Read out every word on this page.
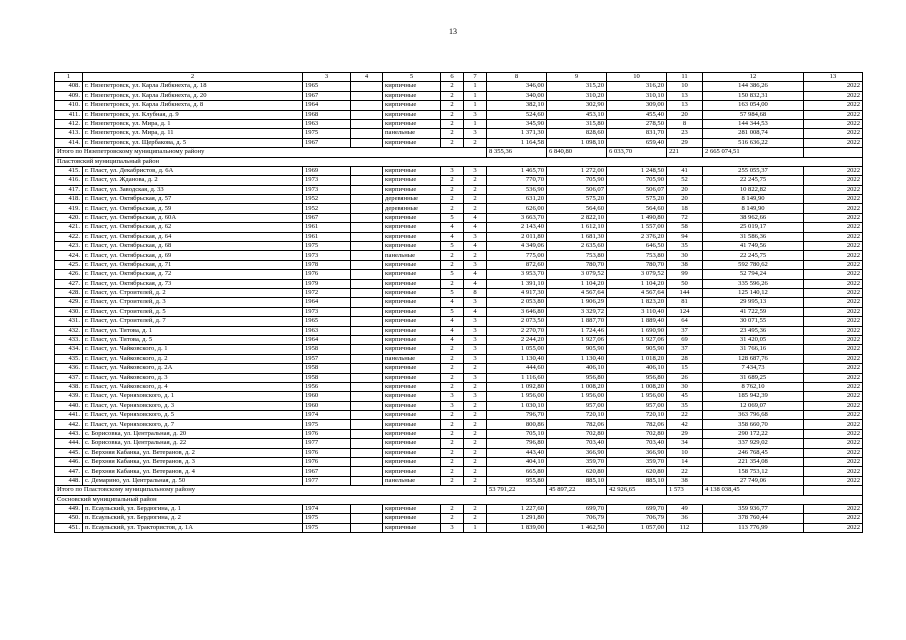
13
1	2	3	4	5	6	7	8	9	10	11	12	13
408.	г. Нязепетровск, ул. Карла Либкнехта, д. 18	1965		кирпичные	2	1	346,00	315,20	316,20	10	144 386,26	2022
409.	г. Нязепетровск, ул. Карла Либкнехта, д. 20	1967		кирпичные	2	1	340,00	310,20	310,10	13	150 832,31	2022
410.	г. Нязепетровск, ул. Карла Либкнехта, д. 8	1964		кирпичные	2	1	382,10	302,90	309,00	13	163 054,00	2022
411.	г. Нязепетровск, ул. Клубная, д. 9	1968		кирпичные	2	3	524,60	453,10	455,40	20	57 984,68	2022
412.	г. Нязепетровск, ул. Мира, д. 1	1963		кирпичные	2	1	345,90	315,80	278,50	8	144 344,53	2022
413.	г. Нязепетровск, ул. Мира, д. 11	1975		панельные	2	3	1 371,30	828,60	831,70	23	281 008,74	2022
414.	г. Нязепетровск, ул. Щербакова, д. 5	1967		кирпичные	2	2	1 164,58	1 098,10	659,40	29	516 636,22	2022
Итого по Нязепетровскому муниципальному району							8 355,36	6 840,80	6 033,70	221	2 665 074,51	
Пластовский муниципальный район												
415.	г. Пласт, ул. Декабристов, д. 6А	1969		кирпичные	3	3	1 465,70	1 272,00	1 248,50	41	255 055,37	2022
416.	г. Пласт, ул. Жданова, д. 2	1973		кирпичные	2	2	770,70	705,90	705,90	52	22 245,75	2022
417.	г. Пласт, ул. Заводская, д. 33	1973		кирпичные	2	2	536,90	506,07	506,07	20	10 822,82	2022
418.	г. Пласт, ул. Октябрьская, д. 57	1952		деревянные	2	2	631,20	575,20	575,20	20	8 149,90	2022
419.	г. Пласт, ул. Октябрьская, д. 59	1952		деревянные	2	2	626,00	564,60	564,60	18	8 149,90	2022
420.	г. Пласт, ул. Октябрьская, д. 60А	1967		кирпичные	5	4	3 663,70	2 822,10	1 490,80	72	38 962,66	2022
421.	г. Пласт, ул. Октябрьская, д. 62	1961		кирпичные	4	4	2 143,40	1 612,10	1 557,00	58	25 019,17	2022
422.	г. Пласт, ул. Октябрьская, д. 64	1961		кирпичные	4	3	2 011,80	1 681,30	2 376,20	94	31 586,36	2022
423.	г. Пласт, ул. Октябрьская, д. 68	1975		кирпичные	5	4	4 349,06	2 635,60	646,50	35	41 749,56	2022
424.	г. Пласт, ул. Октябрьская, д. 69	1973		панельные	2	2	775,00	753,80	753,80	30	22 245,75	2022
425.	г. Пласт, ул. Октябрьская, д. 71	1978		кирпичные	2	3	872,60	780,70	780,70	38	592 780,62	2022
426.	г. Пласт, ул. Октябрьская, д. 72	1976		кирпичные	5	4	3 953,70	3 079,52	3 079,52	99	52 794,24	2022
427.	г. Пласт, ул. Октябрьская, д. 73	1979		кирпичные	2	4	1 391,10	1 104,20	1 104,20	50	335 596,26	2022
428.	г. Пласт, ул. Строителей, д. 2	1972		кирпичные	5	8	4 917,30	4 567,64	4 567,64	144	125 140,12	2022
429.	г. Пласт, ул. Строителей, д. 3	1964		кирпичные	4	3	2 053,80	1 906,29	1 823,20	81	29 995,13	2022
430.	г. Пласт, ул. Строителей, д. 5	1973		кирпичные	5	4	3 646,80	3 329,72	3 110,40	124	41 722,59	2022
431.	г. Пласт, ул. Строителей, д. 7	1965		кирпичные	4	3	2 073,50	1 887,70	1 889,40	64	30 071,55	2022
432.	г. Пласт, ул. Титова, д. 1	1963		кирпичные	4	3	2 270,70	1 724,46	1 690,90	37	23 495,36	2022
433.	г. Пласт, ул. Титова, д. 5	1964		кирпичные	4	3	2 244,20	1 927,06	1 927,06	69	31 420,05	2022
434.	г. Пласт, ул. Чайковского, д. 1	1958		кирпичные	2	3	1 055,00	905,90	905,90	37	31 766,16	2022
435.	г. Пласт, ул. Чайковского, д. 2	1957		панельные	2	3	1 130,40	1 130,40	1 018,20	28	128 687,76	2022
436.	г. Пласт, ул. Чайковского, д. 2А	1958		кирпичные	2	2	444,60	406,10	406,10	15	7 434,73	2022
437.	г. Пласт, ул. Чайковского, д. 3	1958		кирпичные	2	3	1 116,60	956,80	956,80	26	31 689,25	2022
438.	г. Пласт, ул. Чайковского, д. 4	1956		кирпичные	2	2	1 092,80	1 008,20	1 008,20	30	8 762,10	2022
439.	г. Пласт, ул. Черняховского, д. 1	1960		кирпичные	3	3	1 956,00	1 956,00	1 956,00	45	185 942,39	2022
440.	г. Пласт, ул. Черняховского, д. 3	1960		кирпичные	3	2	1 030,10	957,00	957,00	35	12 069,07	2022
441.	г. Пласт, ул. Черняховского, д. 5	1974		кирпичные	2	2	796,70	720,10	720,10	22	363 796,68	2022
442.	г. Пласт, ул. Черняховского, д. 7	1975		кирпичные	2	2	800,86	782,06	782,06	42	358 660,70	2022
443.	с. Борисовка, ул. Центральная, д. 20	1976		кирпичные	2	2	705,10	702,80	702,80	29	290 172,22	2022
444.	с. Борисовка, ул. Центральная, д. 22	1977		кирпичные	2	2	796,80	703,40	703,40	34	337 929,02	2022
445.	с. Верхняя Кабанка, ул. Ветеранов, д. 2	1976		кирпичные	2	2	443,40	366,90	366,90	10	246 768,45	2022
446.	с. Верхняя Кабанка, ул. Ветеранов, д. 3	1976		кирпичные	2	2	404,10	359,70	359,70	14	221 354,08	2022
447.	с. Верхняя Кабанка, ул. Ветеранов, д. 4	1967		кирпичные	2	2	665,80	620,80	620,80	22	158 753,12	2022
448.	с. Демарино, ул. Центральная, д. 50	1977		панельные	2	2	955,80	885,10	885,10	38	27 749,06	2022
Итого по Пластовскому муниципальному району							53 791,22	45 897,22	42 926,65	1 573	4 138 038,45	
Сосновский муниципальный район												
449.	п. Есаульский, ул. Бердюгина, д. 1	1974		кирпичные	2	2	1 227,60	699,70	699,70	49	359 936,77	2022
450.	п. Есаульский, ул. Бердюгина, д. 2	1975		кирпичные	2	2	1 291,80	706,79	706,79	36	378 760,44	2022
451.	п. Есаульский, ул. Трактористов, д. 1А	1975		кирпичные	3	1	1 839,00	1 462,50	1 057,00	112	113 776,99	2022
